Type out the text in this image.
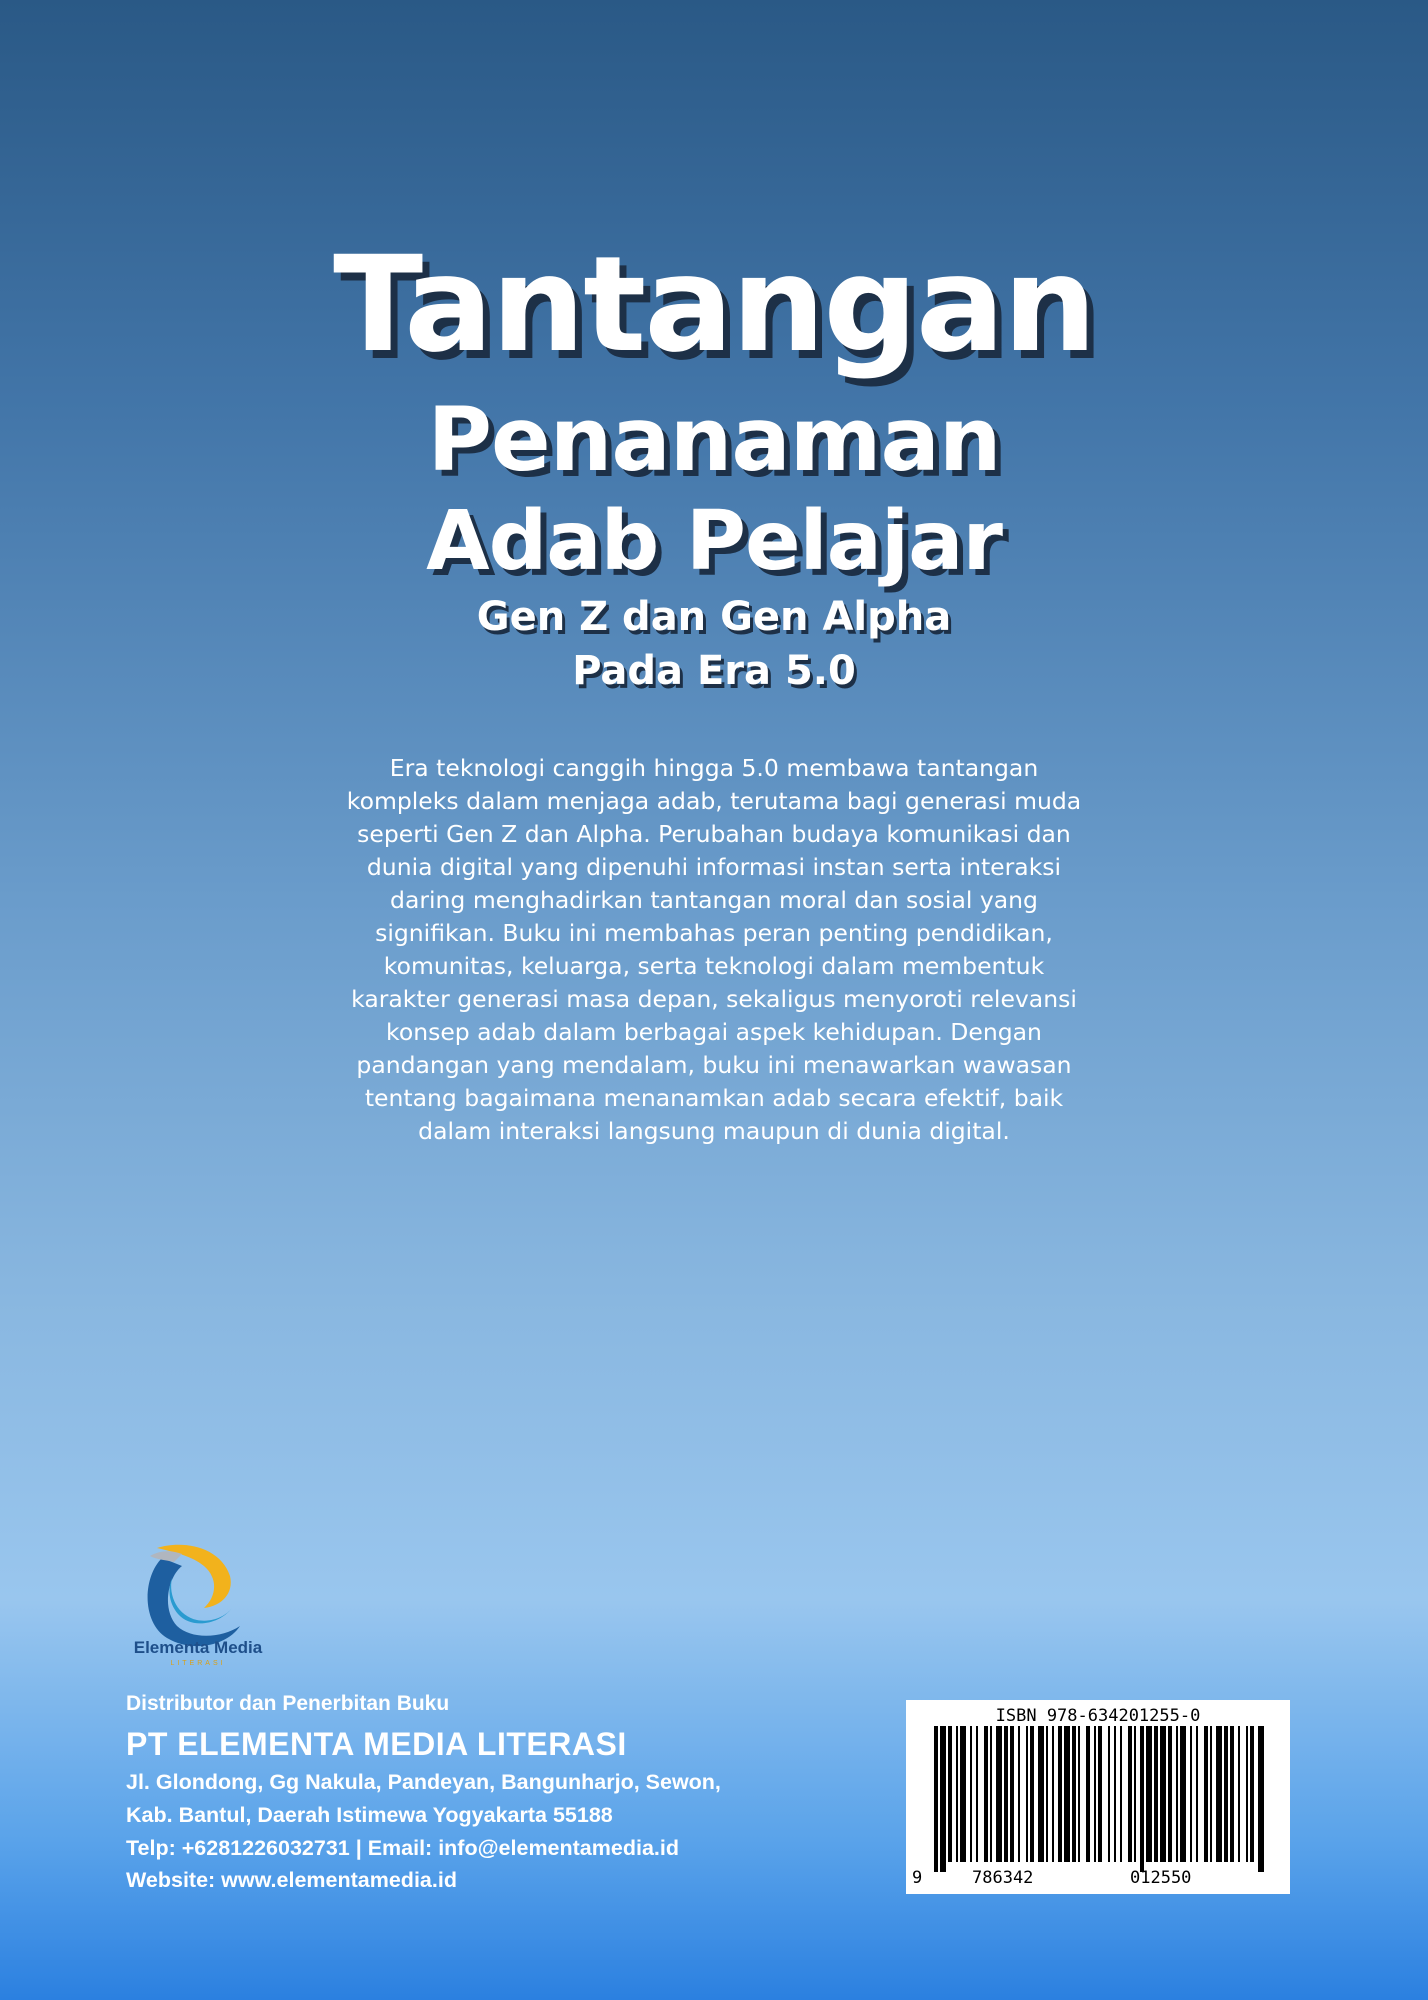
Tantangan
Penanaman
Adab Pelajar
Gen Z dan Gen Alpha
Pada Era 5.0

Era teknologi canggih hingga 5.0 membawa tantangan
kompleks dalam menjaga adab, terutama bagi generasi muda
seperti Gen Z dan Alpha. Perubahan budaya komunikasi dan
dunia digital yang dipenuhi informasi instan serta interaksi
daring menghadirkan tantangan moral dan sosial yang
signifikan. Buku ini membahas peran penting pendidikan,
komunitas, keluarga, serta teknologi dalam membentuk
karakter generasi masa depan, sekaligus menyoroti relevansi
konsep adab dalam berbagai aspek kehidupan. Dengan
pandangan yang mendalam, buku ini menawarkan wawasan
tentang bagaimana menanamkan adab secara efektif, baik
dalam interaksi langsung maupun di dunia digital.

Elementa Media
LITERASI

Distributor dan Penerbitan Buku

PT ELEMENTA MEDIA LITERASI

Jl. Glondong, Gg Nakula, Pandeyan, Bangunharjo, Sewon,

Kab. Bantul, Daerah Istimewa Yogyakarta 55188

Telp: +6281226032731 | Email: info@elementamedia.id

Website: www.elementamedia.id

ISBN 978-634201255-0
9	786342	012550
